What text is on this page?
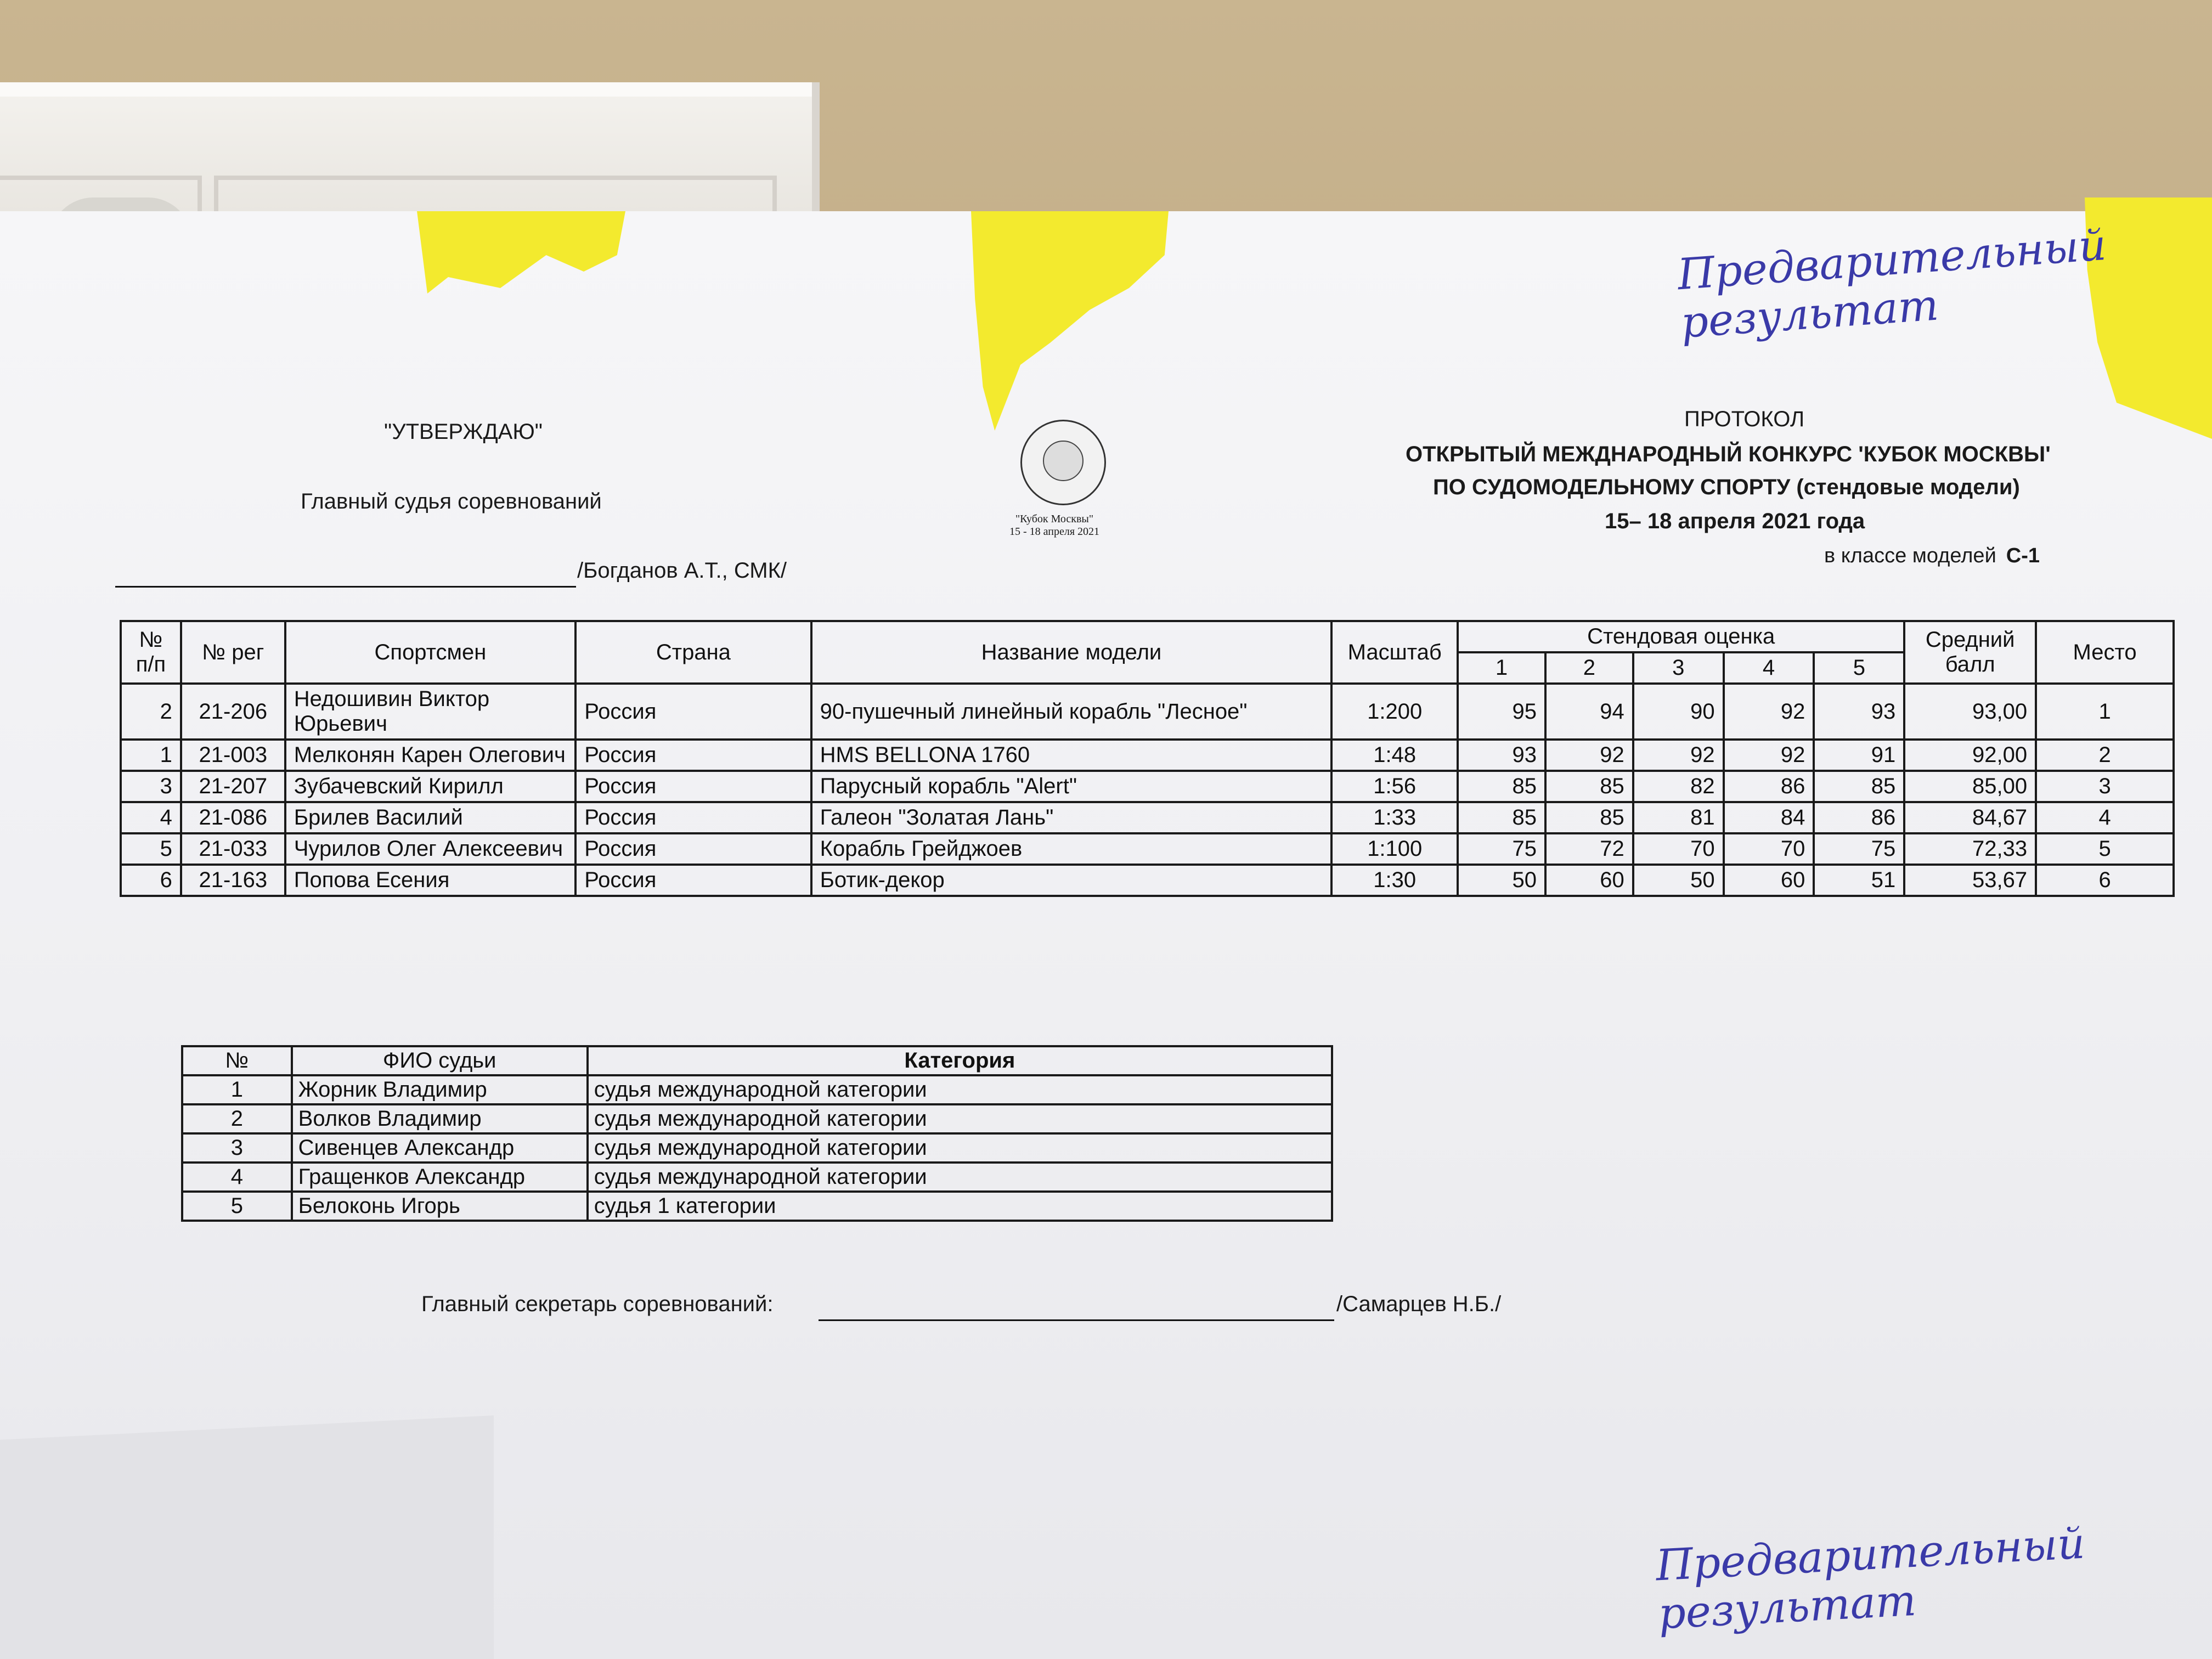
"УТВЕРЖДАЮ"
Главный судья соревнований
/Богданов А.Т., СМК/
"Кубок Москвы"
15 - 18 апреля 2021
ПРОТОКОЛ
ОТКРЫТЫЙ МЕЖДНАРОДНЫЙ КОНКУРС 'КУБОК МОСКВЫ'
ПО СУДОМОДЕЛЬНОМУ СПОРТУ (стендовые модели)
15– 18 апреля 2021 года
в классе моделей С-1
Предварительный
результат
Предварительный
результат
№ п/п	№ рег	Спортсмен	Страна	Название модели	Масштаб	Стендовая оценка					Средний балл	Место
						1	2	3	4	5		
2	21-206	Недошивин Виктор Юрьевич	Россия	90-пушечный линейный корабль "Лесное"	1:200	95	94	90	92	93	93,00	1
1	21-003	Мелконян Карен Олегович	Россия	HMS BELLONA 1760	1:48	93	92	92	92	91	92,00	2
3	21-207	Зубачевский Кирилл	Россия	Парусный корабль "Alert"	1:56	85	85	82	86	85	85,00	3
4	21-086	Брилев Василий	Россия	Галеон "Золатая Лань"	1:33	85	85	81	84	86	84,67	4
5	21-033	Чурилов Олег Алексеевич	Россия	Корабль Грейджоев	1:100	75	72	70	70	75	72,33	5
6	21-163	Попова Есения	Россия	Ботик-декор	1:30	50	60	50	60	51	53,67	6
№	ФИО судьи	Категория
1	Жорник Владимир	судья международной категории
2	Волков Владимир	судья международной категории
3	Сивенцев Александр	судья международной категории
4	Гращенков Александр	судья международной категории
5	Белоконь Игорь	судья 1 категории
Главный секретарь соревнований:	/Самарцев Н.Б./
